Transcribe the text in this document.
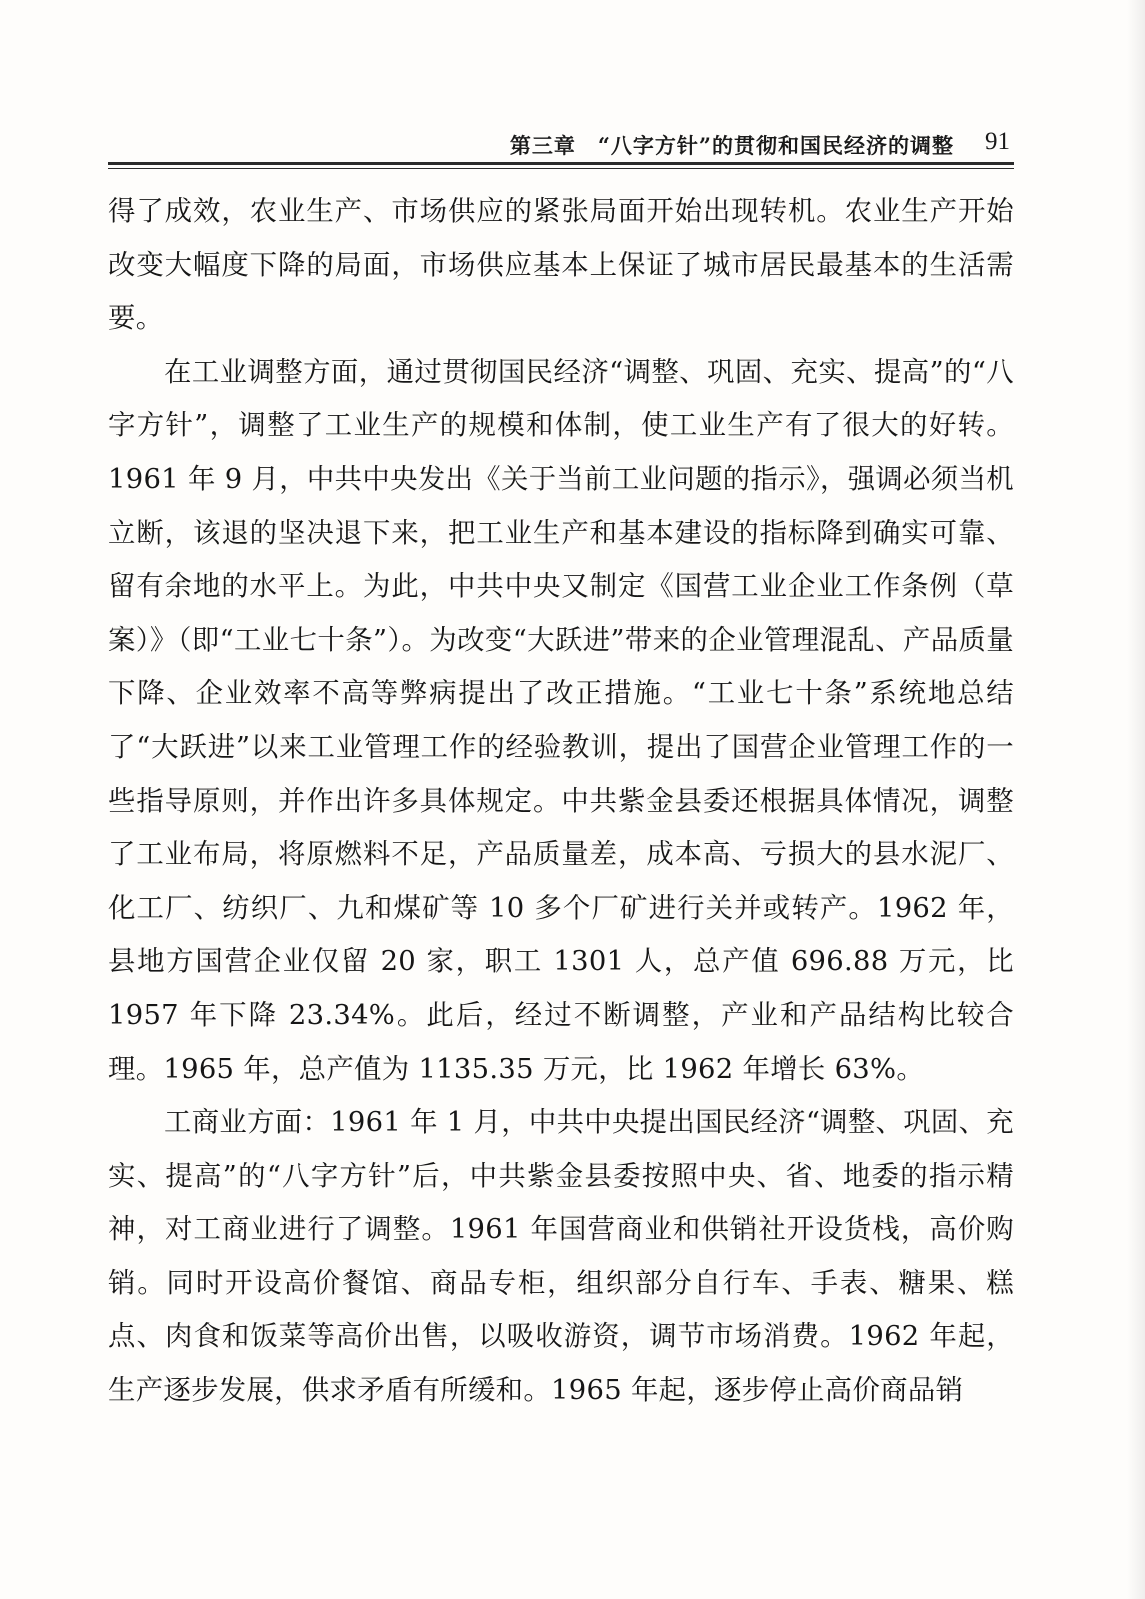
第三章　“八字方针”的贯彻和国民经济的调整 91

得了成效，农业生产、市场供应的紧张局面开始出现转机。农业生产开始改变大幅度下降的局面，市场供应基本上保证了城市居民最基本的生活需要。

在工业调整方面，通过贯彻国民经济“调整、巩固、充实、提高”的“八字方针”，调整了工业生产的规模和体制，使工业生产有了很大的好转。1961 年 9 月，中共中央发出《关于当前工业问题的指示》，强调必须当机立断，该退的坚决退下来，把工业生产和基本建设的指标降到确实可靠、留有余地的水平上。为此，中共中央又制定《国营工业企业工作条例（草案）》（即“工业七十条”）。为改变“大跃进”带来的企业管理混乱、产品质量下降、企业效率不高等弊病提出了改正措施。“工业七十条”系统地总结了“大跃进”以来工业管理工作的经验教训，提出了国营企业管理工作的一些指导原则，并作出许多具体规定。中共紫金县委还根据具体情况，调整了工业布局，将原燃料不足，产品质量差，成本高、亏损大的县水泥厂、化工厂、纺织厂、九和煤矿等 10 多个厂矿进行关并或转产。1962 年，县地方国营企业仅留 20 家，职工 1301 人，总产值 696.88 万元，比 1957 年下降 23.34%。此后，经过不断调整，产业和产品结构比较合理。1965 年，总产值为 1135.35 万元，比 1962 年增长 63%。

工商业方面：1961 年 1 月，中共中央提出国民经济“调整、巩固、充实、提高”的“八字方针”后，中共紫金县委按照中央、省、地委的指示精神，对工商业进行了调整。1961 年国营商业和供销社开设货栈，高价购销。同时开设高价餐馆、商品专柜，组织部分自行车、手表、糖果、糕点、肉食和饭菜等高价出售，以吸收游资，调节市场消费。1962 年起，生产逐步发展，供求矛盾有所缓和。1965 年起，逐步停止高价商品销
